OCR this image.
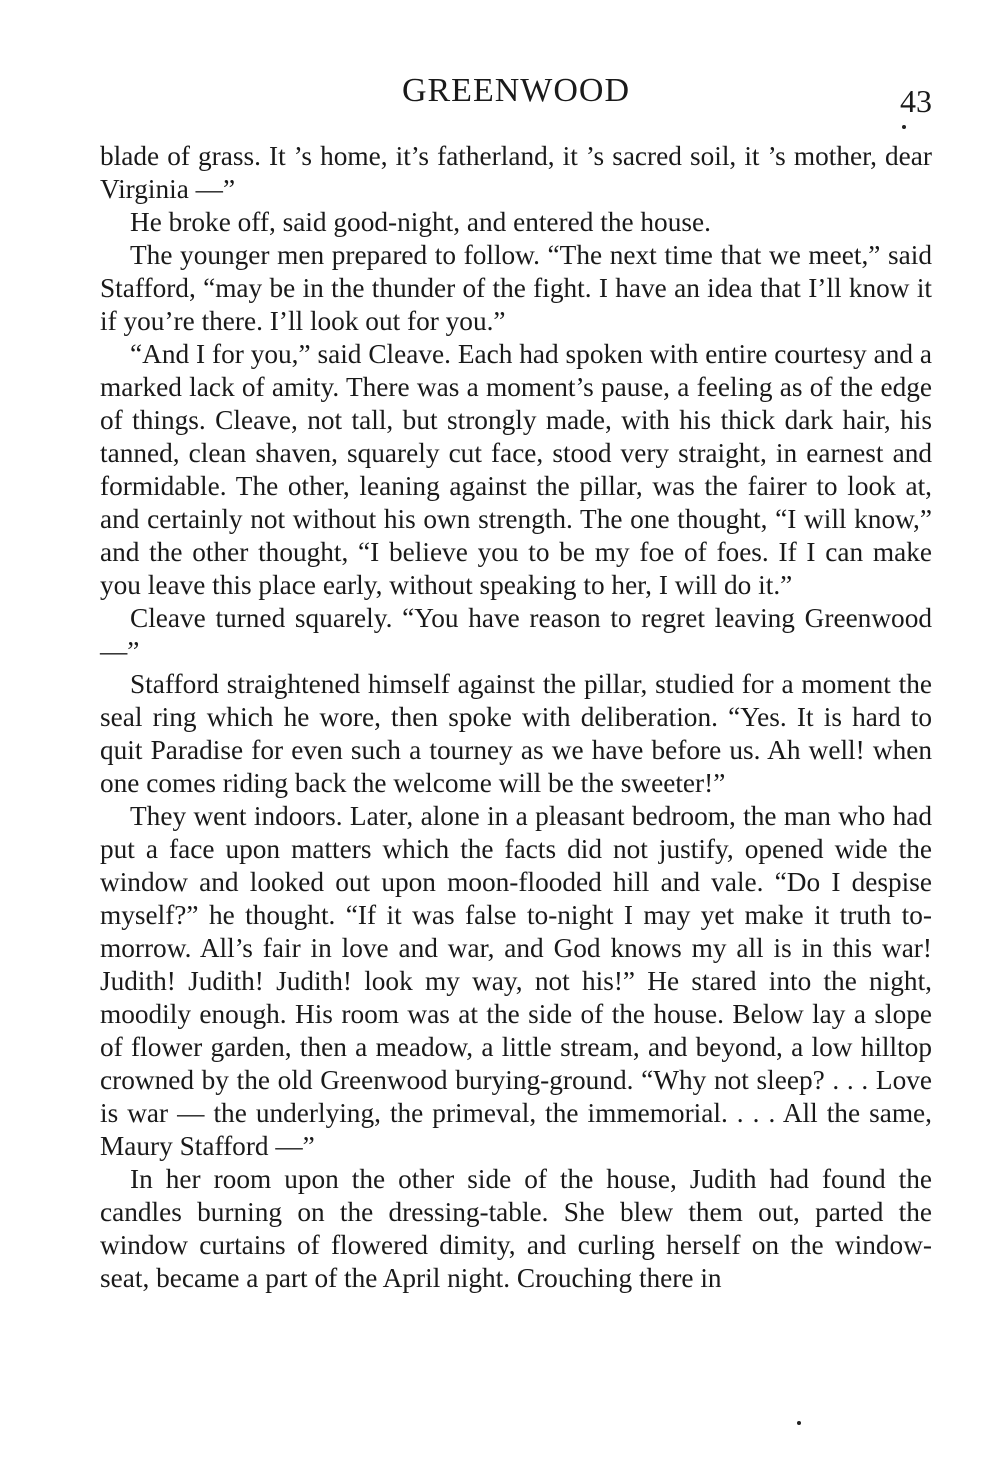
GREENWOOD	43

blade of grass. It ’s home, it’s fatherland, it ’s sacred soil, it ’s mother, dear Virginia —”

He broke off, said good-night, and entered the house.

The younger men prepared to follow. “The next time that we meet,” said Stafford, “may be in the thunder of the fight. I have an idea that I’ll know it if you’re there. I’ll look out for you.”

“And I for you,” said Cleave. Each had spoken with entire courtesy and a marked lack of amity. There was a moment’s pause, a feeling as of the edge of things. Cleave, not tall, but strongly made, with his thick dark hair, his tanned, clean shaven, squarely cut face, stood very straight, in earnest and formidable. The other, leaning against the pillar, was the fairer to look at, and certainly not without his own strength. The one thought, “I will know,” and the other thought, “I believe you to be my foe of foes. If I can make you leave this place early, without speaking to her, I will do it.”

Cleave turned squarely. “You have reason to regret leaving Greenwood —”

Stafford straightened himself against the pillar, studied for a moment the seal ring which he wore, then spoke with deliberation. “Yes. It is hard to quit Paradise for even such a tourney as we have before us. Ah well! when one comes riding back the welcome will be the sweeter!”

They went indoors. Later, alone in a pleasant bedroom, the man who had put a face upon matters which the facts did not justify, opened wide the window and looked out upon moon-flooded hill and vale. “Do I despise myself?” he thought. “If it was false to-night I may yet make it truth to-morrow. All’s fair in love and war, and God knows my all is in this war! Judith! Judith! Judith! look my way, not his!” He stared into the night, moodily enough. His room was at the side of the house. Below lay a slope of flower garden, then a meadow, a little stream, and beyond, a low hilltop crowned by the old Greenwood burying-ground. “Why not sleep? . . . Love is war — the underlying, the primeval, the immemorial. . . . All the same, Maury Stafford —”

In her room upon the other side of the house, Judith had found the candles burning on the dressing-table. She blew them out, parted the window curtains of flowered dimity, and curling herself on the window-seat, became a part of the April night. Crouching there in
